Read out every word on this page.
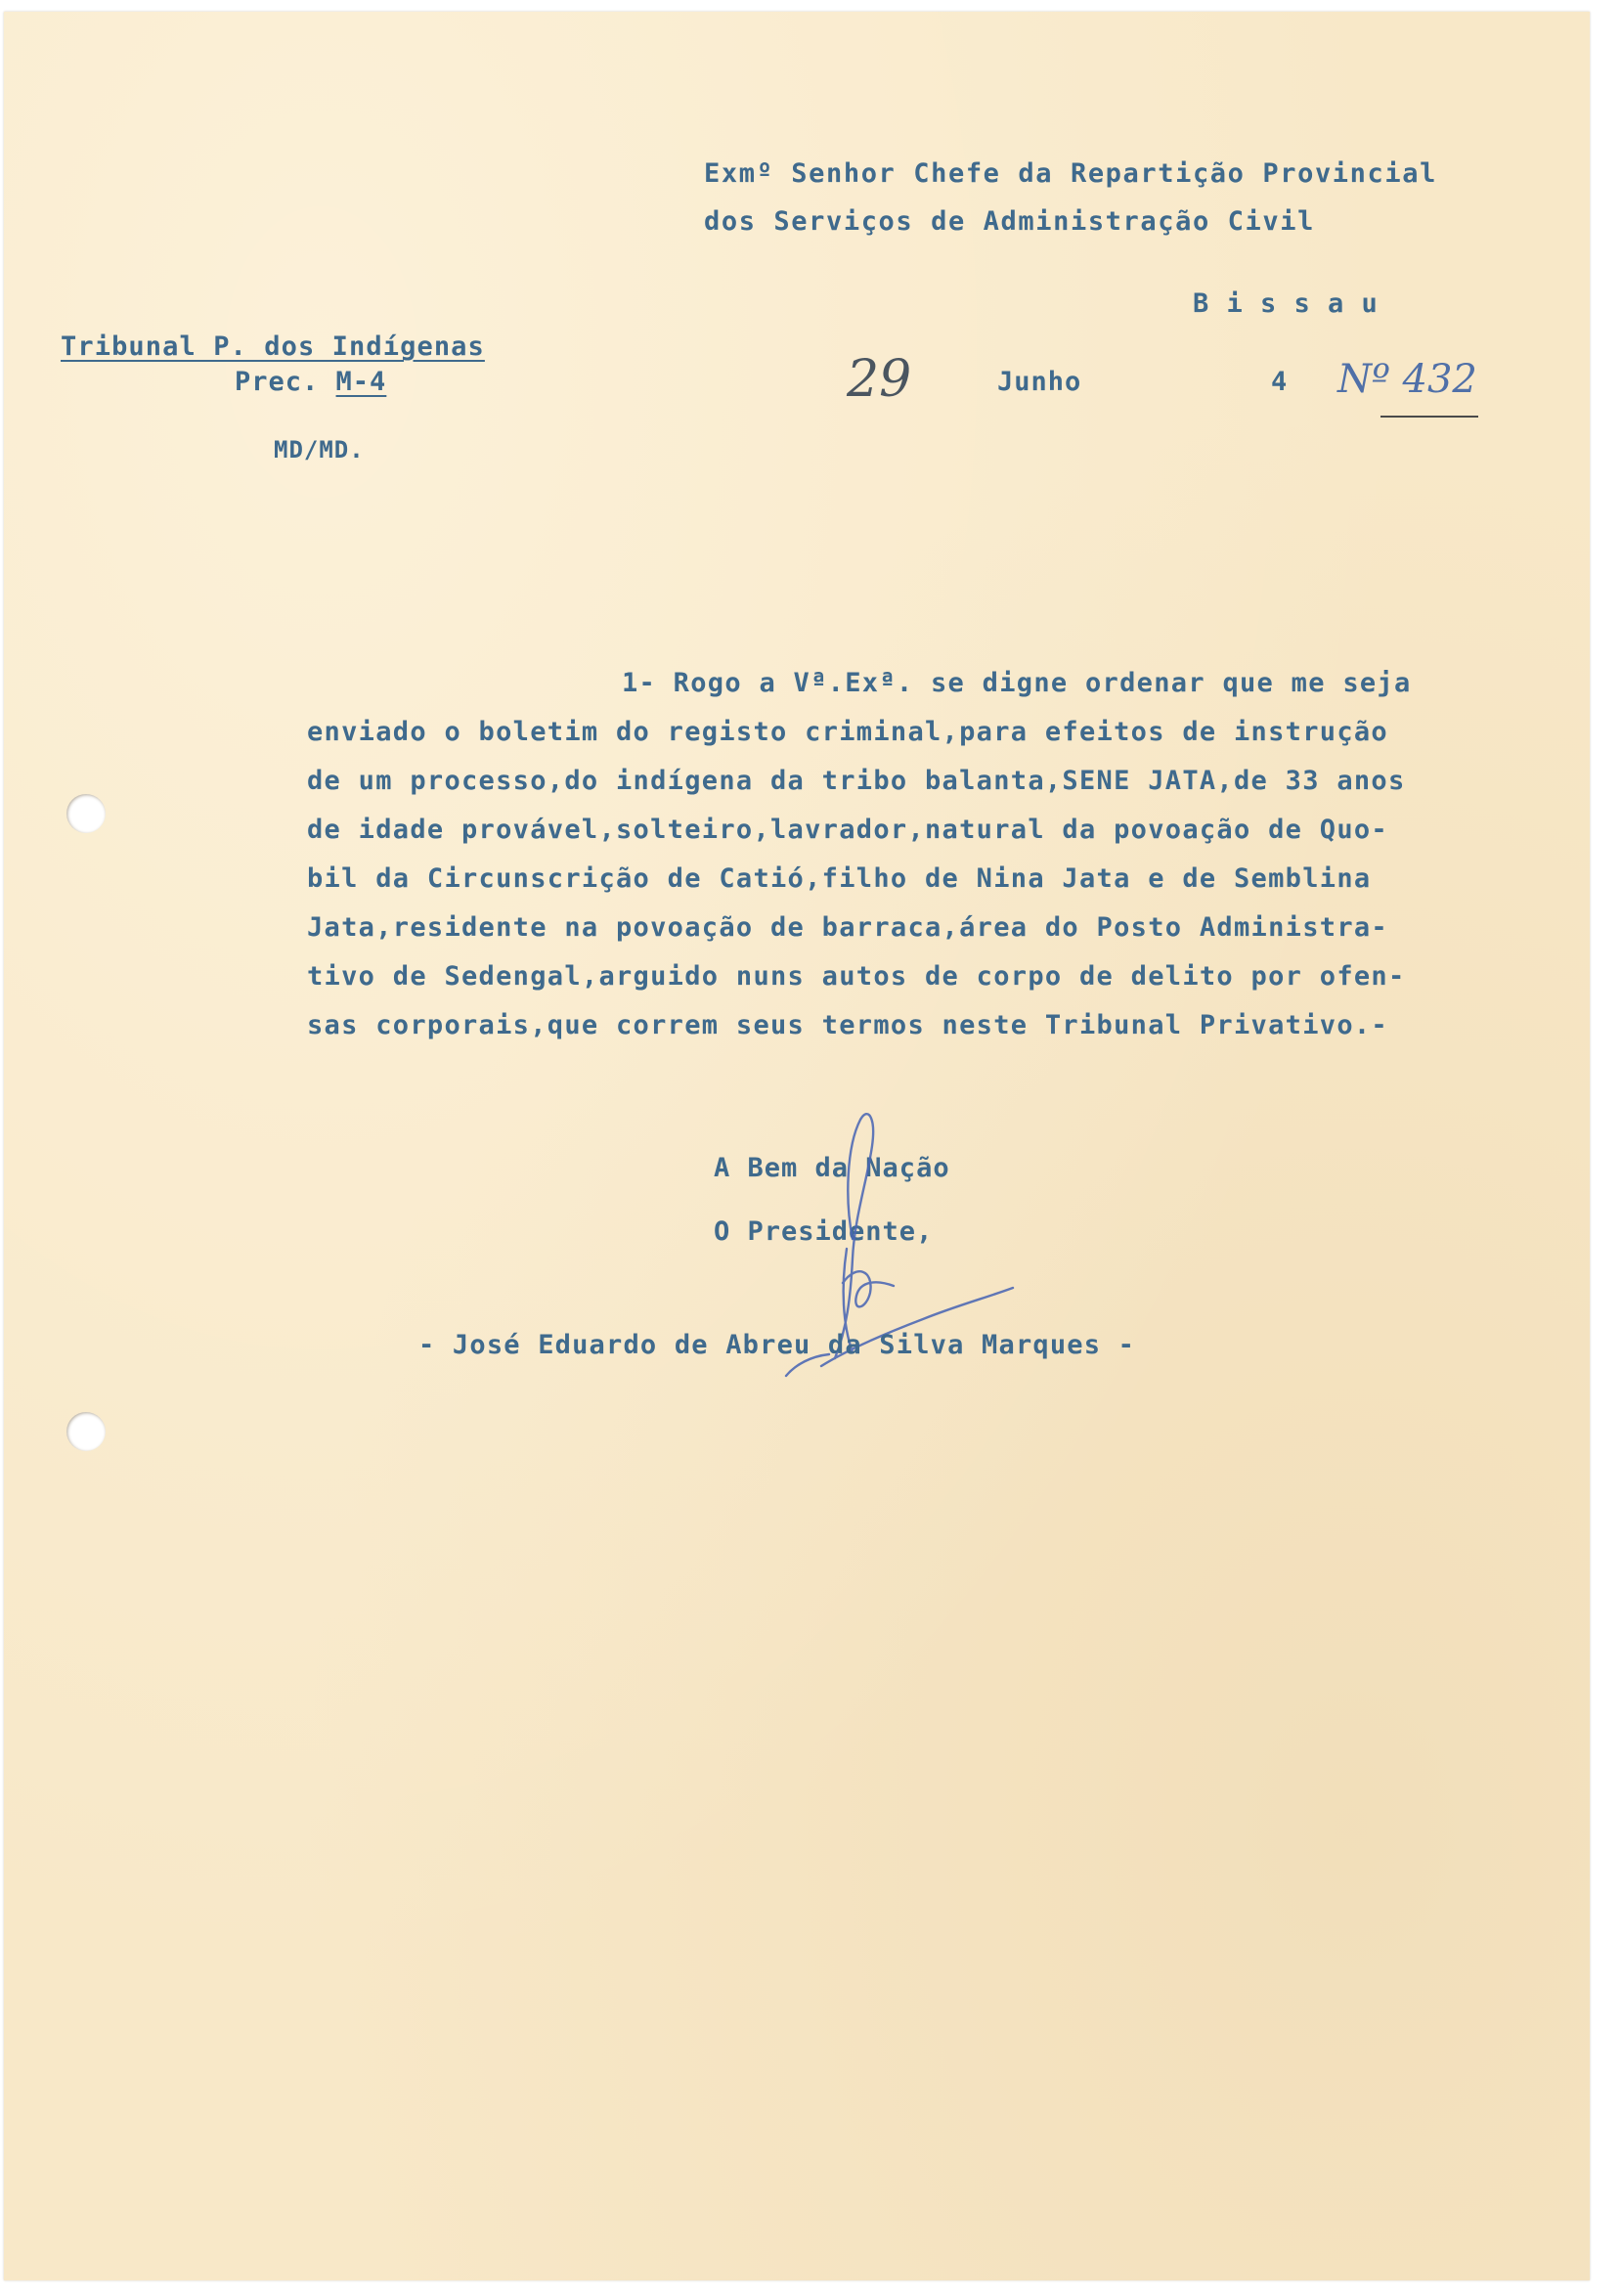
Exmº Senhor Chefe da Repartição Provincial
dos Serviços de Administração Civil
B i s s a u
Tribunal P. dos Indígenas
Prec. M-4
MD/MD.
29	Junho	4 Nº 432
1- Rogo a Vª.Exª. se digne ordenar que me seja
enviado o boletim do registo criminal,para efeitos de instrução
de um processo,do indígena da tribo balanta,SENE JATA,de 33 anos
de idade provável,solteiro,lavrador,natural da povoação de Quo-
bil da Circunscrição de Catió,filho de Nina Jata e de Semblina
Jata,residente na povoação de barraca,área do Posto Administra-
tivo de Sedengal,arguido nuns autos de corpo de delito por ofen-
sas corporais,que correm seus termos neste Tribunal Privativo.-
A Bem da Nação
O Presidente,
- José Eduardo de Abreu da Silva Marques -
